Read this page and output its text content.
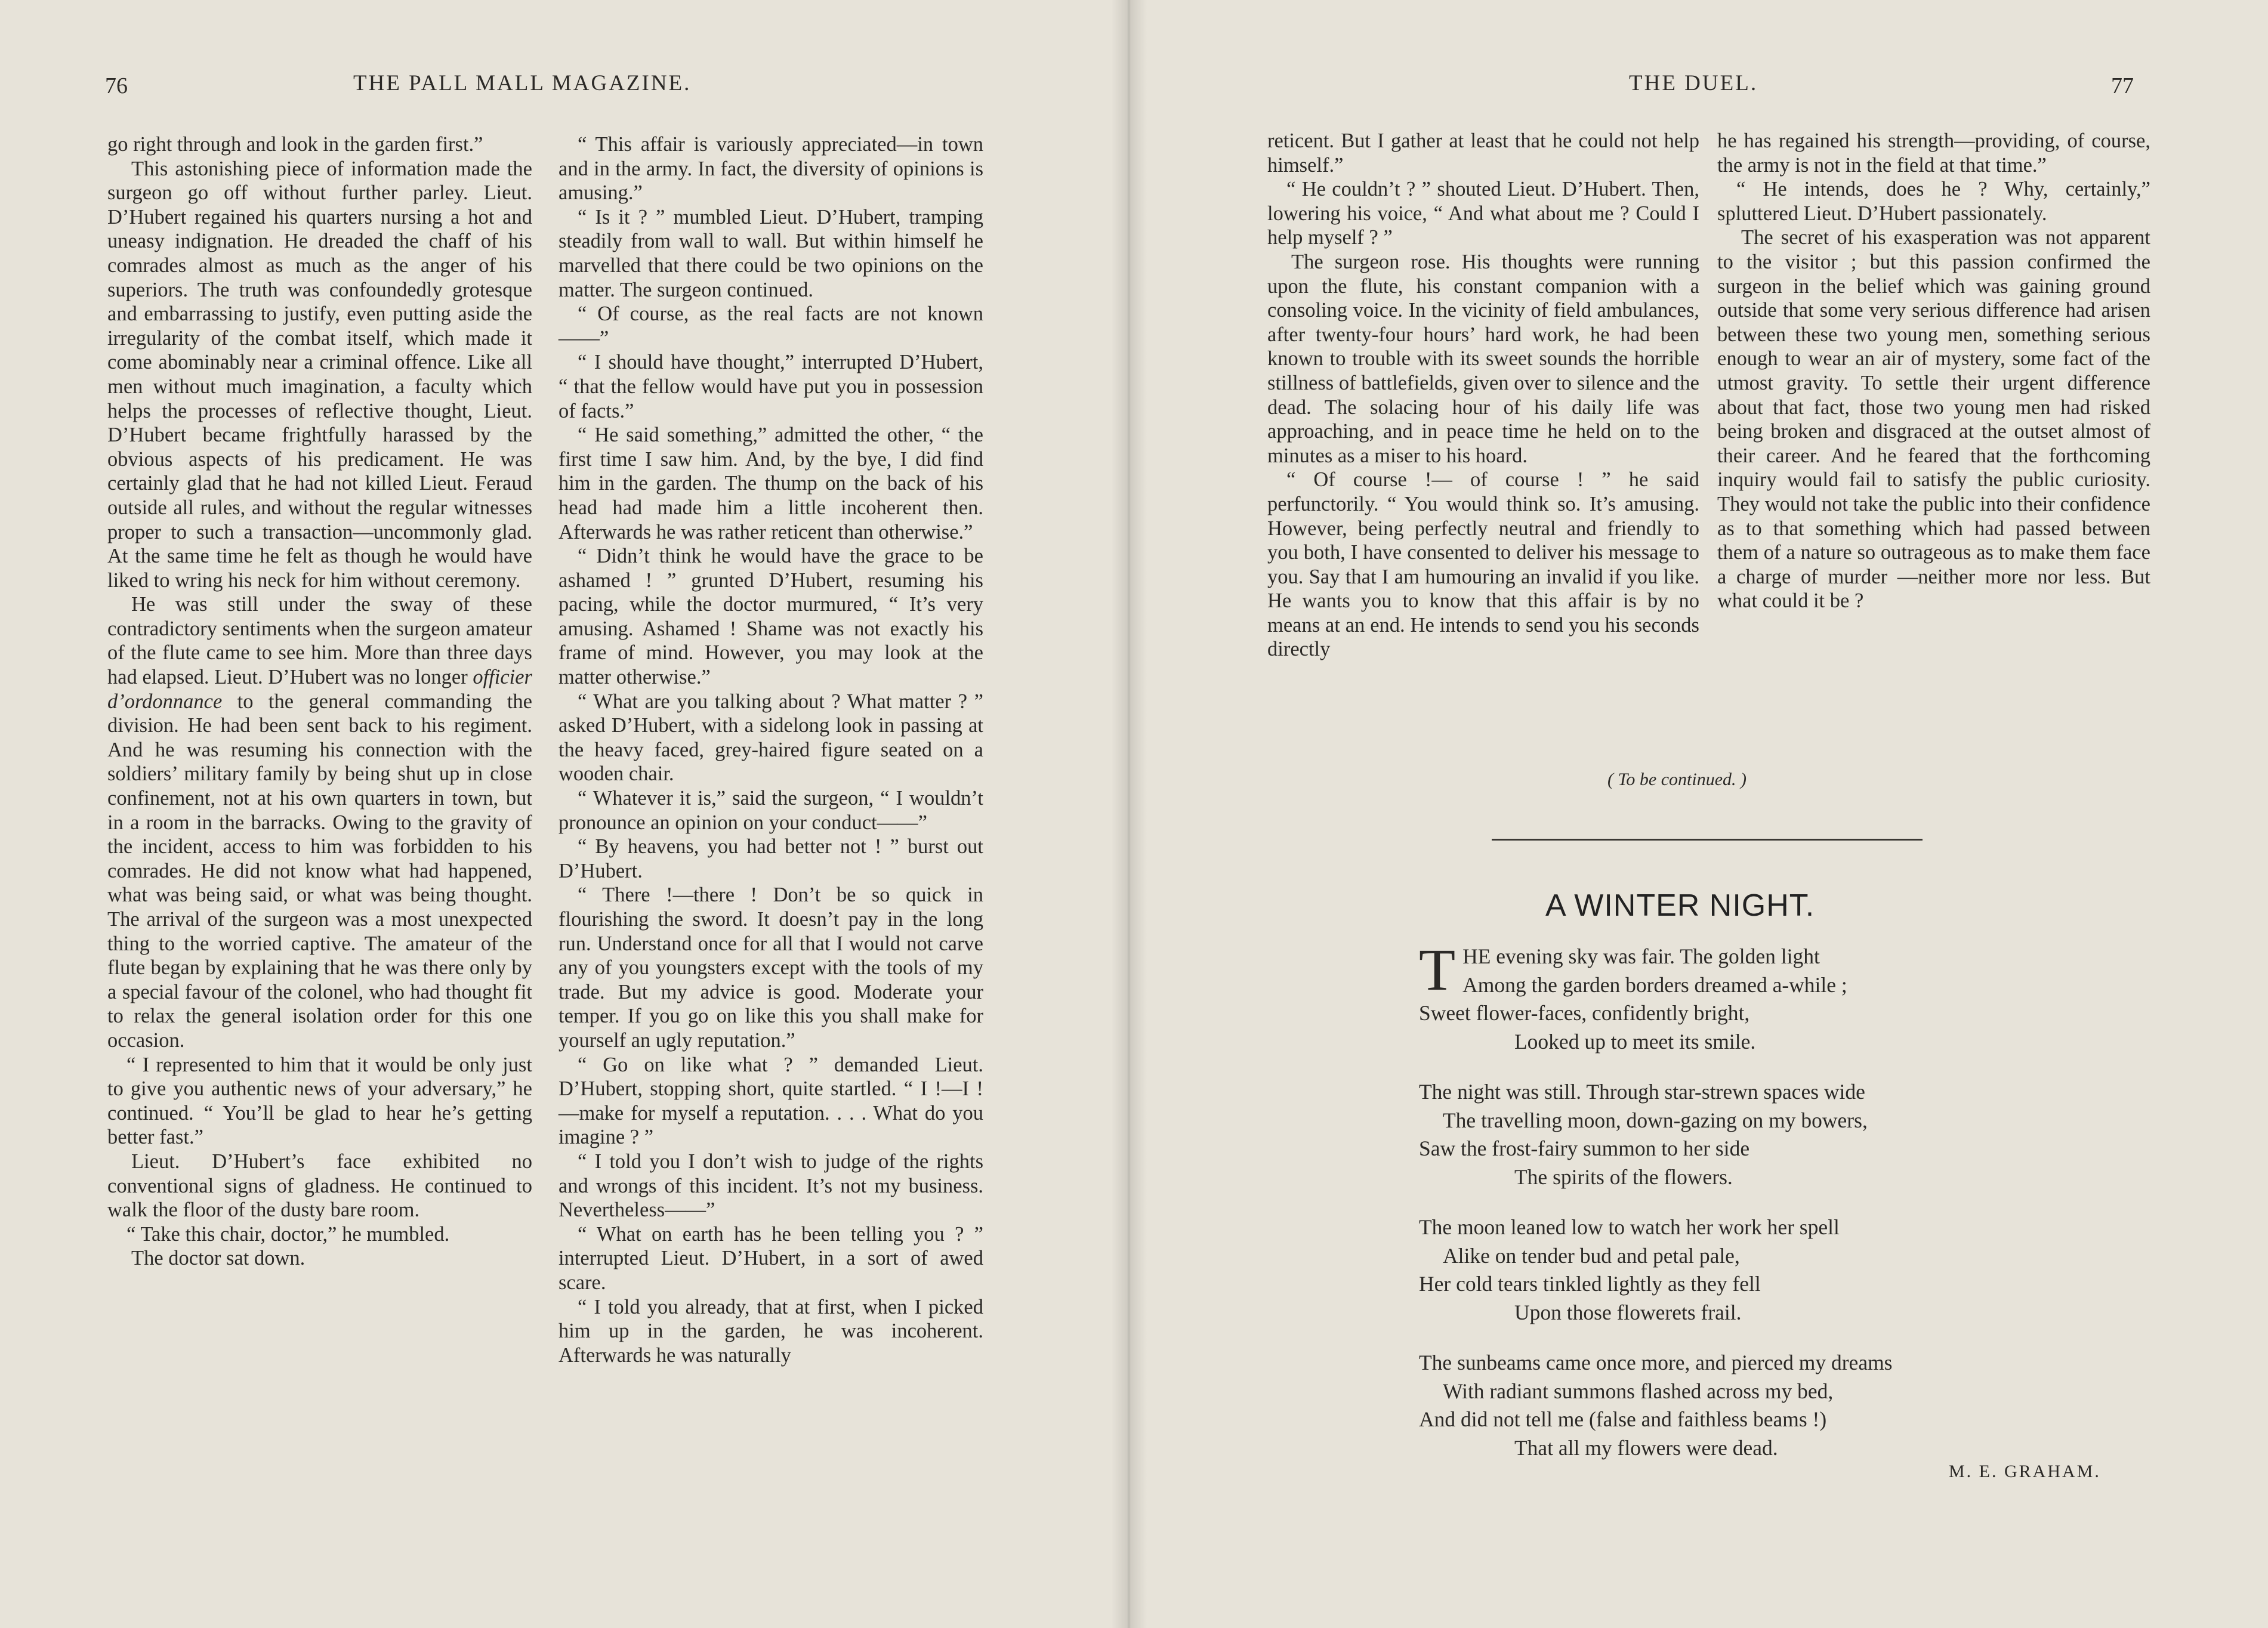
76	THE PALL MALL MAGAZINE.

go right through and look in the garden first.”

This astonishing piece of information made the surgeon go off without further parley. Lieut. D’Hubert regained his quarters nursing a hot and uneasy indignation. He dreaded the chaff of his comrades almost as much as the anger of his superiors. The truth was confoundedly grotesque and embarrassing to justify, even putting aside the irregularity of the combat itself, which made it come abominably near a criminal offence. Like all men without much imagination, a faculty which helps the processes of reflective thought, Lieut. D’Hubert became frightfully harassed by the obvious aspects of his predicament. He was certainly glad that he had not killed Lieut. Feraud outside all rules, and without the regular witnesses proper to such a transaction—uncommonly glad. At the same time he felt as though he would have liked to wring his neck for him without ceremony.

He was still under the sway of these contradictory sentiments when the surgeon amateur of the flute came to see him. More than three days had elapsed. Lieut. D’Hubert was no longer officier d’ordonnance to the general commanding the division. He had been sent back to his regiment. And he was resuming his connection with the soldiers’ military family by being shut up in close confinement, not at his own quarters in town, but in a room in the barracks. Owing to the gravity of the incident, access to him was forbidden to his comrades. He did not know what had happened, what was being said, or what was being thought. The arrival of the surgeon was a most unexpected thing to the worried captive. The amateur of the flute began by explaining that he was there only by a special favour of the colonel, who had thought fit to relax the general isolation order for this one occasion.

“ I represented to him that it would be only just to give you authentic news of your adversary,” he continued. “ You’ll be glad to hear he’s getting better fast.”

Lieut. D’Hubert’s face exhibited no conventional signs of gladness. He continued to walk the floor of the dusty bare room.

“ Take this chair, doctor,” he mumbled.

The doctor sat down.

“ This affair is variously appreciated—in town and in the army. In fact, the diversity of opinions is amusing.”

“ Is it ? ” mumbled Lieut. D’Hubert, tramping steadily from wall to wall. But within himself he marvelled that there could be two opinions on the matter. The surgeon continued.

“ Of course, as the real facts are not known——”

“ I should have thought,” interrupted D’Hubert, “ that the fellow would have put you in possession of facts.”

“ He said something,” admitted the other, “ the first time I saw him. And, by the bye, I did find him in the garden. The thump on the back of his head had made him a little incoherent then. Afterwards he was rather reticent than otherwise.”

“ Didn’t think he would have the grace to be ashamed ! ” grunted D’Hubert, resuming his pacing, while the doctor murmured, “ It’s very amusing. Ashamed ! Shame was not exactly his frame of mind. However, you may look at the matter otherwise.”

“ What are you talking about ? What matter ? ” asked D’Hubert, with a sidelong look in passing at the heavy faced, grey-haired figure seated on a wooden chair.

“ Whatever it is,” said the surgeon, “ I wouldn’t pronounce an opinion on your conduct——”

“ By heavens, you had better not ! ” burst out D’Hubert.

“ There !—there ! Don’t be so quick in flourishing the sword. It doesn’t pay in the long run. Understand once for all that I would not carve any of you youngsters except with the tools of my trade. But my advice is good. Moderate your temper. If you go on like this you shall make for yourself an ugly reputation.”

“ Go on like what ? ” demanded Lieut. D’Hubert, stopping short, quite startled. “ I !—I !—make for myself a reputation. . . . What do you imagine ? ”

“ I told you I don’t wish to judge of the rights and wrongs of this incident. It’s not my business. Nevertheless——”

“ What on earth has he been telling you ? ” interrupted Lieut. D’Hubert, in a sort of awed scare.

“ I told you already, that at first, when I picked him up in the garden, he was incoherent. Afterwards he was naturally

THE DUEL.	77

reticent. But I gather at least that he could not help himself.”

“ He couldn’t ? ” shouted Lieut. D’Hubert. Then, lowering his voice, “ And what about me ? Could I help myself ? ”

The surgeon rose. His thoughts were running upon the flute, his constant companion with a consoling voice. In the vicinity of field ambulances, after twenty-four hours’ hard work, he had been known to trouble with its sweet sounds the horrible stillness of battlefields, given over to silence and the dead. The solacing hour of his daily life was approaching, and in peace time he held on to the minutes as a miser to his hoard.

“ Of course !— of course ! ” he said perfunctorily. “ You would think so. It’s amusing. However, being perfectly neutral and friendly to you both, I have consented to deliver his message to you. Say that I am humouring an invalid if you like. He wants you to know that this affair is by no means at an end. He intends to send you his seconds directly

he has regained his strength—providing, of course, the army is not in the field at that time.”

“ He intends, does he ? Why, certainly,” spluttered Lieut. D’Hubert passionately.

The secret of his exasperation was not apparent to the visitor ; but this passion confirmed the surgeon in the belief which was gaining ground outside that some very serious difference had arisen between these two young men, something serious enough to wear an air of mystery, some fact of the utmost gravity. To settle their urgent difference about that fact, those two young men had risked being broken and disgraced at the outset almost of their career. And he feared that the forthcoming inquiry would fail to satisfy the public curiosity. They would not take the public into their confidence as to that something which had passed between them of a nature so outrageous as to make them face a charge of murder —neither more nor less. But what could it be ?

( To be continued. )
A WINTER NIGHT.
T HE evening sky was fair. The golden light
Among the garden borders dreamed a-while ;
Sweet flower-faces, confidently bright,
Looked up to meet its smile.
The night was still. Through star-strewn spaces wide
The travelling moon, down-gazing on my bowers,
Saw the frost-fairy summon to her side
The spirits of the flowers.
The moon leaned low to watch her work her spell
Alike on tender bud and petal pale,
Her cold tears tinkled lightly as they fell
Upon those flowerets frail.
The sunbeams came once more, and pierced my dreams
With radiant summons flashed across my bed,
And did not tell me (false and faithless beams !)
That all my flowers were dead.
M. E. GRAHAM.
